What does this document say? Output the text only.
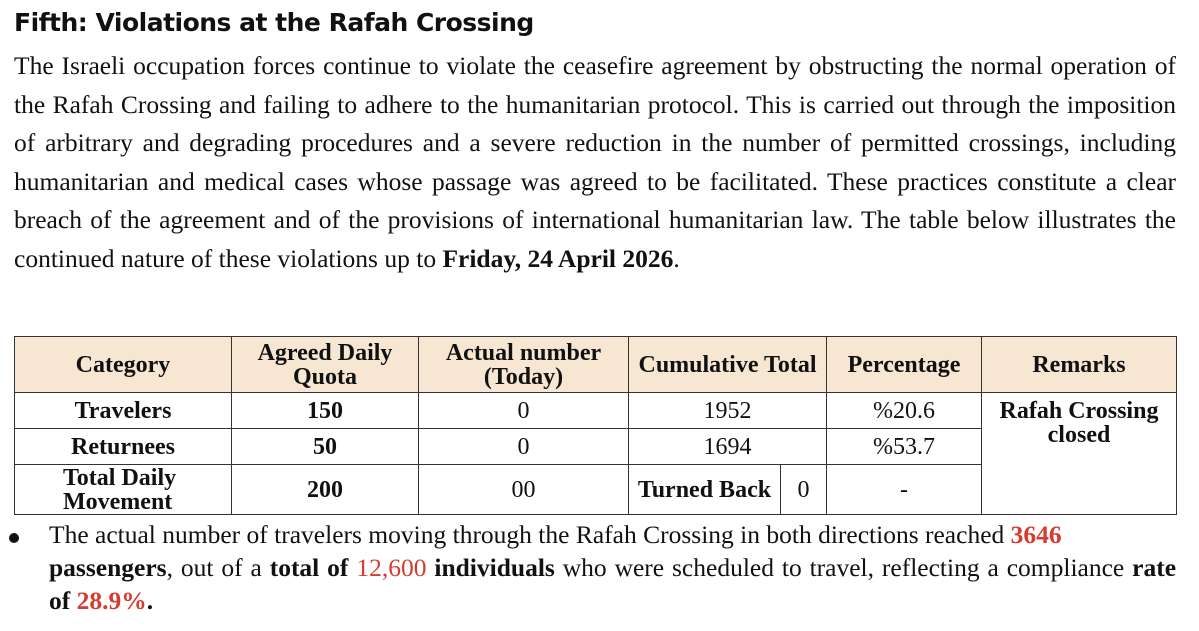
Fifth: Violations at the Rafah Crossing
The Israeli occupation forces continue to violate the ceasefire agreement by obstructing the normal operation of the Rafah Crossing and failing to adhere to the humanitarian protocol. This is carried out through the imposition of arbitrary and degrading procedures and a severe reduction in the number of permitted crossings, including humanitarian and medical cases whose passage was agreed to be facilitated. These practices constitute a clear breach of the agreement and of the provisions of international humanitarian law. The table below illustrates the continued nature of these violations up to Friday, 24 April 2026.
Category	Agreed Daily Quota	Actual number (Today)	Cumulative Total		Percentage	Remarks
Travelers	150	0	1952		%20.6	Rafah Crossing closed
Returnees	50	0	1694		%53.7	
Total Daily Movement	200	00	Turned Back	0	-	
The actual number of travelers moving through the Rafah Crossing in both directions reached 3646
passengers, out of a total of 12,600 individuals who were scheduled to travel, reflecting a compliance rate of 28.9%.
